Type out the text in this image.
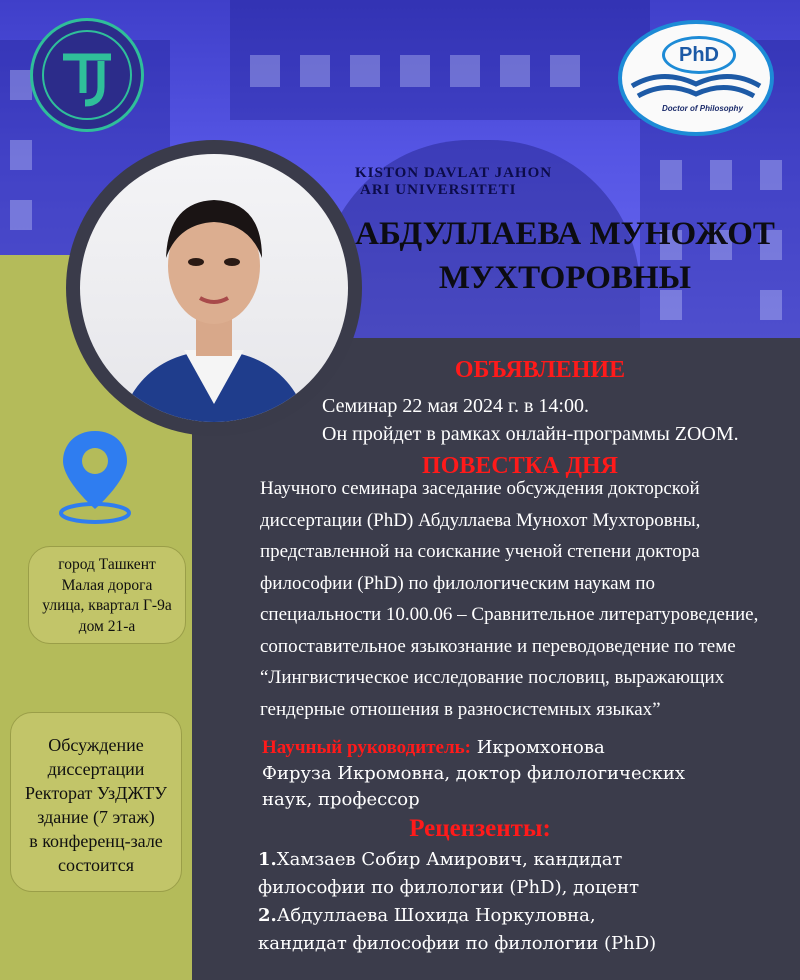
KISTON DAVLAT JAHON
ARI UNIVERSITETI
PhD
Doctor of Philosophy
АБДУЛЛАЕВА МУНОЖОТ
МУХТОРОВНЫ
ОБЪЯВЛЕНИЕ
Семинар 22 мая 2024 г. в 14:00.
Он пройдет в рамках онлайн-программы ZOOM.
ПОВЕСТКА ДНЯ
Научного семинара заседание обсуждения докторской
диссертации (PhD) Абдуллаева Мунохот Мухторовны,
представленной на соискание ученой степени доктора
философии (PhD) по филологическим наукам по
специальности 10.00.06 – Сравнительное литературоведение,
сопоставительное языкознание и переводоведение по теме
“Лингвистическое исследование пословиц, выражающих
гендерные отношения в разносистемных языках”
Научный руководитель: Икромхонова
Фируза Икромовна, доктор филологических
наук, профессор
Рецензенты:
1.Хамзаев Собир Амирович, кандидат
философии по филологии (PhD), доцент
2.Абдуллаева Шохида Норкуловна,
кандидат философии по филологии (PhD)
город Ташкент
Малая дорога
улица, квартал Г-9а
дом 21-а
Обсуждение
диссертации
Ректорат УзДЖТУ
здание (7 этаж)
в конференц-зале
состоится
